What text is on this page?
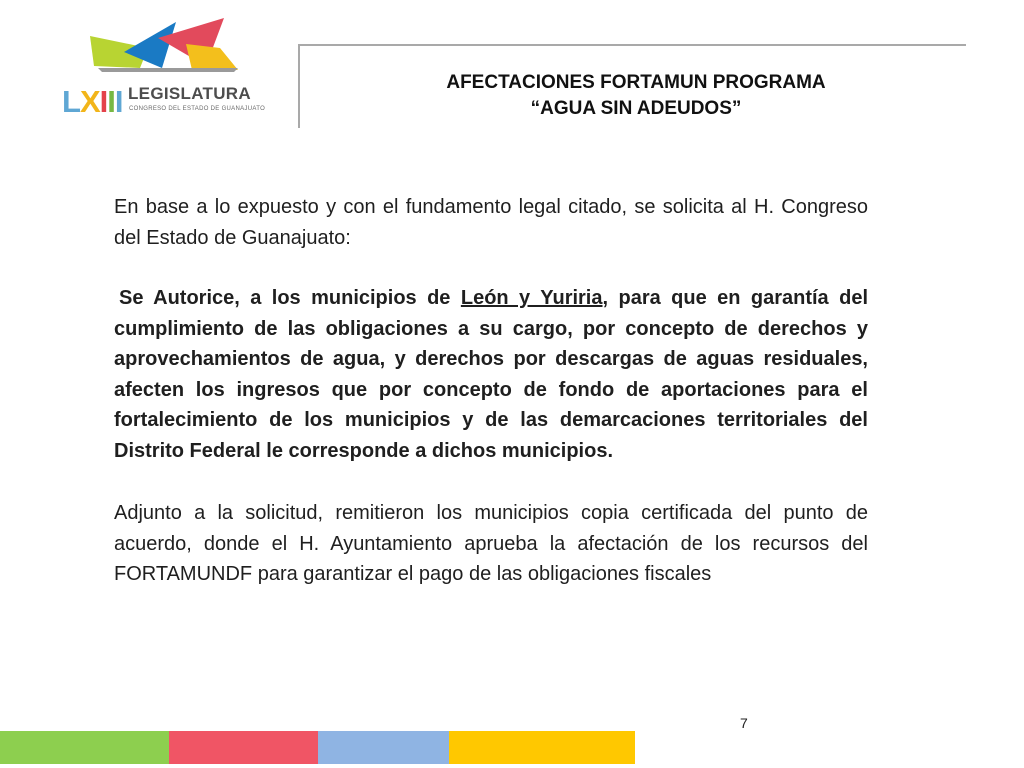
LXIII LEGISLATURA
CONGRESO DEL ESTADO DE GUANAJUATO
AFECTACIONES FORTAMUN PROGRAMA
“AGUA SIN ADEUDOS”

En base a lo expuesto y con el fundamento legal citado, se solicita al H. Congreso del Estado de Guanajuato:

Se Autorice, a los municipios de León y Yuriria, para que en garantía del cumplimiento de las obligaciones a su cargo, por concepto de derechos y aprovechamientos de agua, y derechos por descargas de aguas residuales, afecten los ingresos que por concepto de fondo de aportaciones para el fortalecimiento de los municipios y de las demarcaciones territoriales del Distrito Federal le corresponde a dichos municipios.

Adjunto a la solicitud, remitieron los municipios copia certificada del punto de acuerdo, donde el H. Ayuntamiento aprueba la afectación de los recursos del FORTAMUNDF para garantizar el pago de las obligaciones fiscales

7
